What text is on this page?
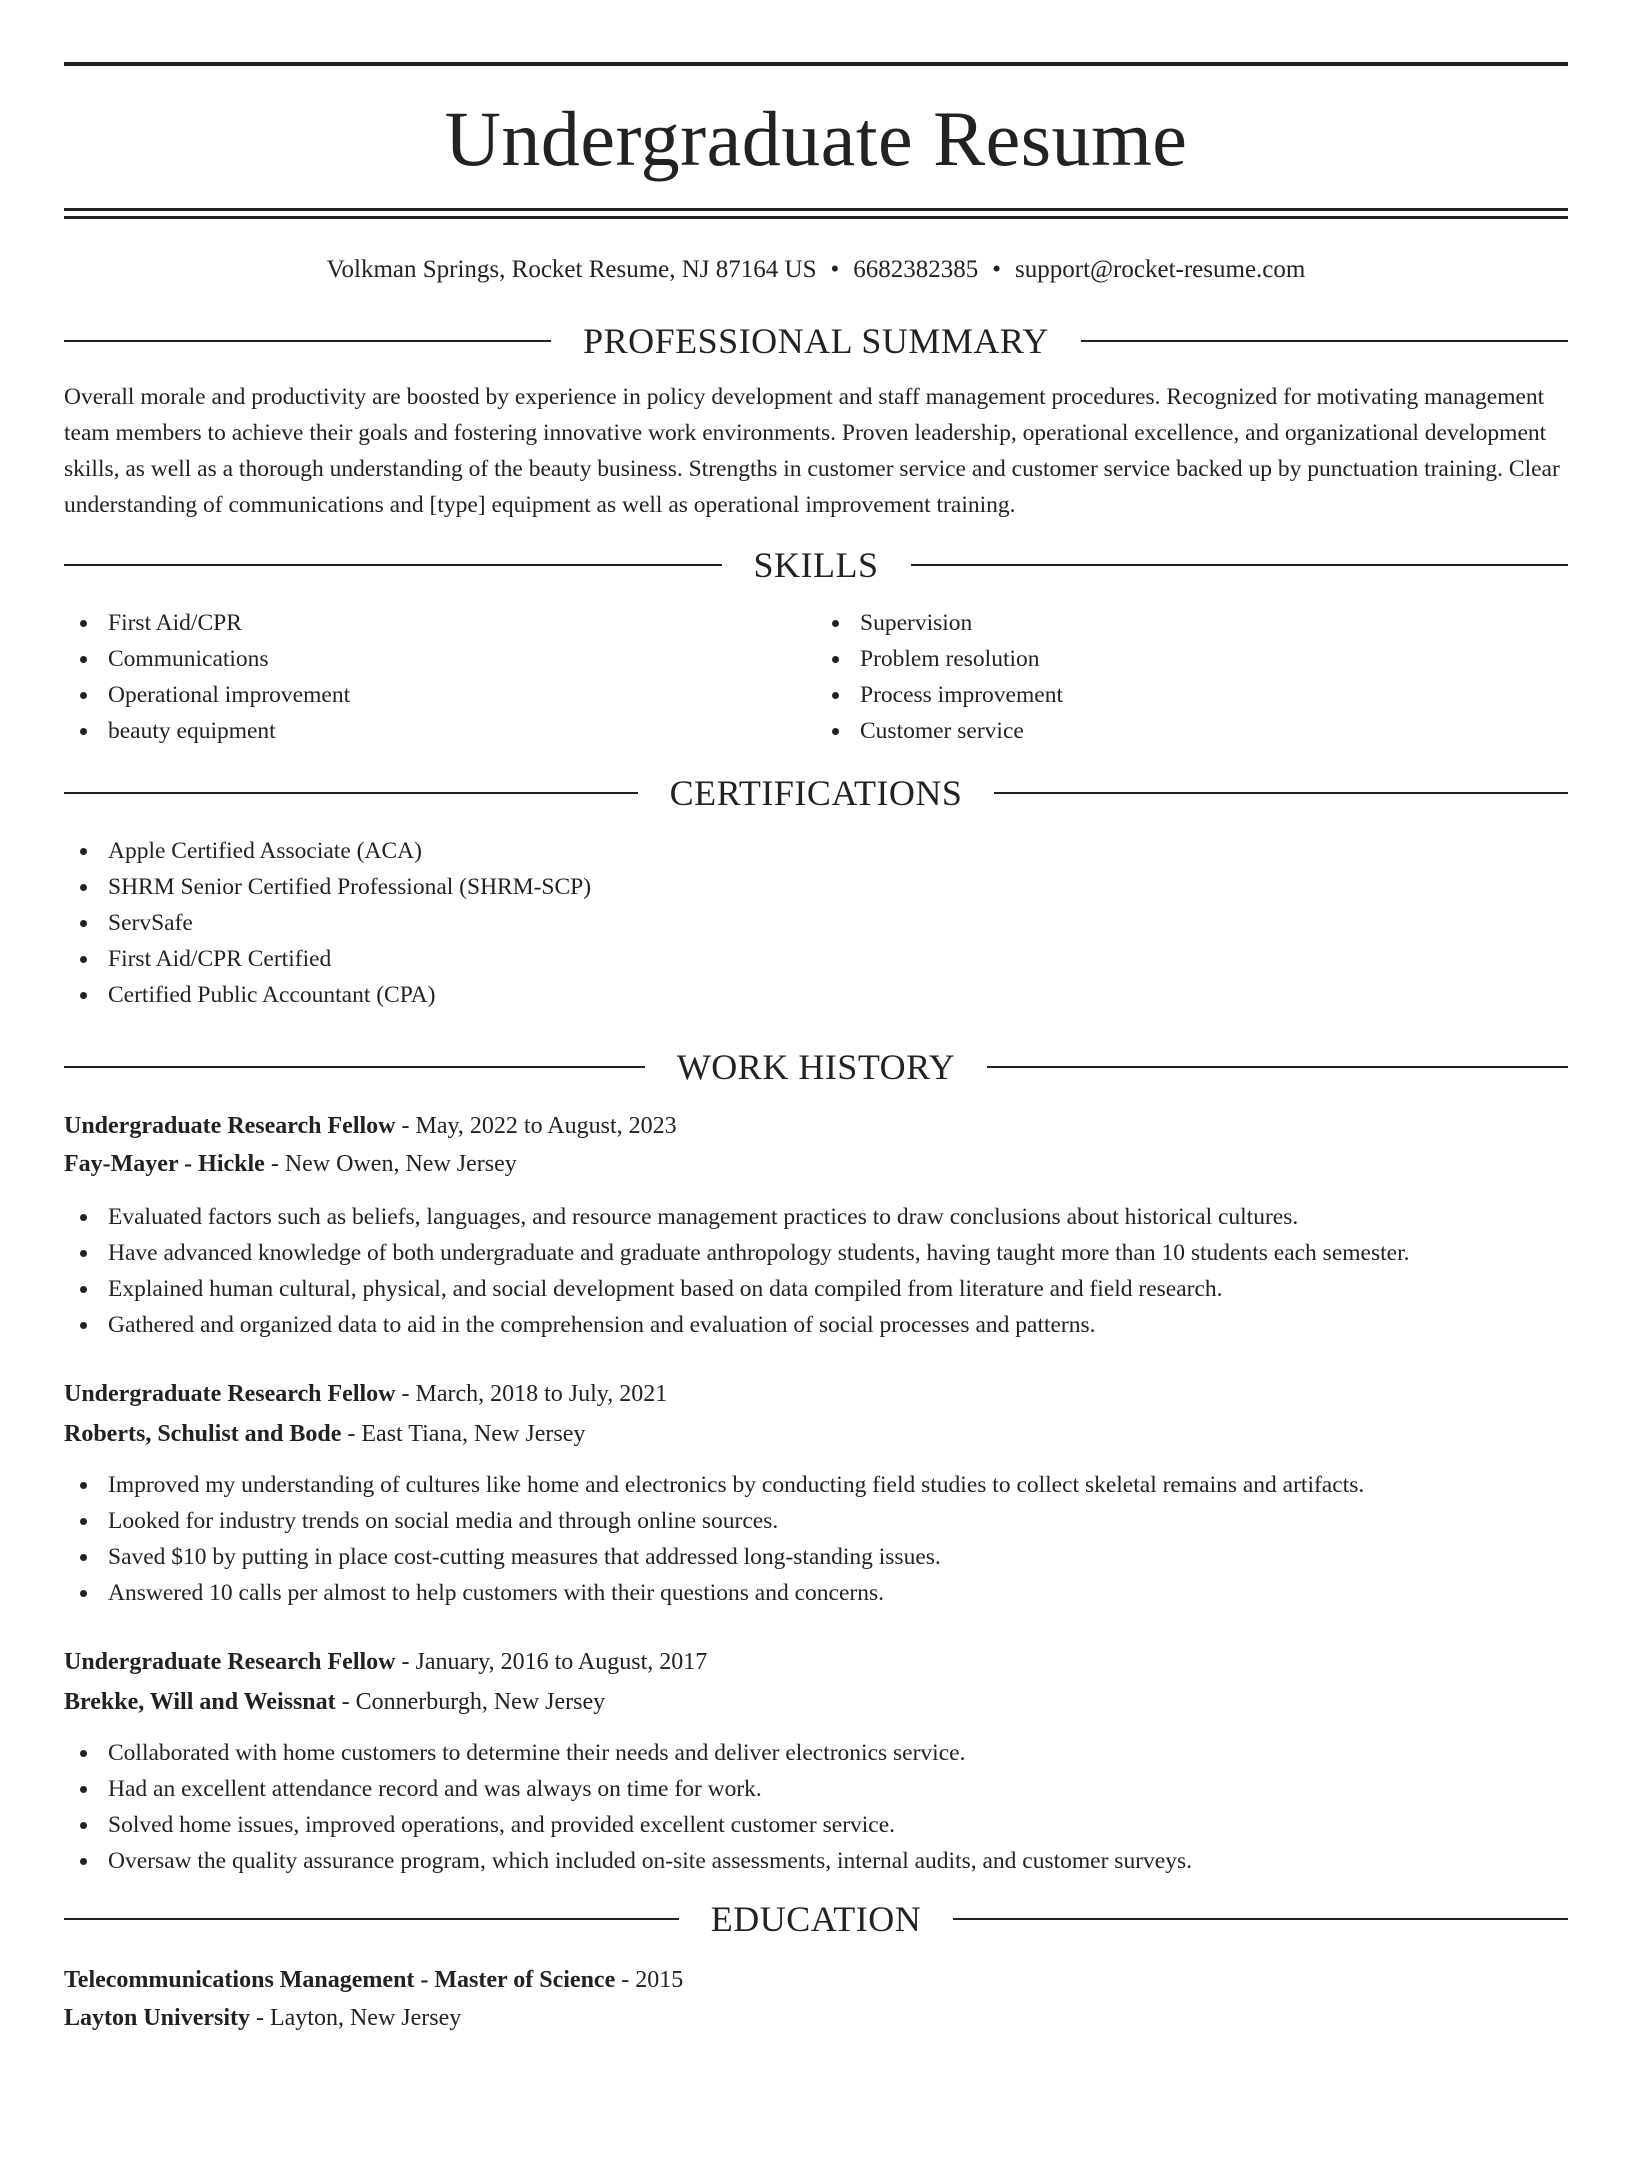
Undergraduate Resume
Volkman Springs, Rocket Resume, NJ 87164 US • 6682382385 • support@rocket-resume.com
PROFESSIONAL SUMMARY

Overall morale and productivity are boosted by experience in policy development and staff management procedures. Recognized for motivating management team members to achieve their goals and fostering innovative work environments. Proven leadership, operational excellence, and organizational development skills, as well as a thorough understanding of the beauty business. Strengths in customer service and customer service backed up by punctuation training. Clear understanding of communications and [type] equipment as well as operational improvement training.

SKILLS
First Aid/CPR
Communications
Operational improvement
beauty equipment
Supervision
Problem resolution
Process improvement
Customer service
CERTIFICATIONS
Apple Certified Associate (ACA)
SHRM Senior Certified Professional (SHRM-SCP)
ServSafe
First Aid/CPR Certified
Certified Public Accountant (CPA)
WORK HISTORY
Undergraduate Research Fellow - May, 2022 to August, 2023
Fay-Mayer - Hickle - New Owen, New Jersey
Evaluated factors such as beliefs, languages, and resource management practices to draw conclusions about historical cultures.
Have advanced knowledge of both undergraduate and graduate anthropology students, having taught more than 10 students each semester.
Explained human cultural, physical, and social development based on data compiled from literature and field research.
Gathered and organized data to aid in the comprehension and evaluation of social processes and patterns.
Undergraduate Research Fellow - March, 2018 to July, 2021
Roberts, Schulist and Bode - East Tiana, New Jersey
Improved my understanding of cultures like home and electronics by conducting field studies to collect skeletal remains and artifacts.
Looked for industry trends on social media and through online sources.
Saved $10 by putting in place cost-cutting measures that addressed long-standing issues.
Answered 10 calls per almost to help customers with their questions and concerns.
Undergraduate Research Fellow - January, 2016 to August, 2017
Brekke, Will and Weissnat - Connerburgh, New Jersey
Collaborated with home customers to determine their needs and deliver electronics service.
Had an excellent attendance record and was always on time for work.
Solved home issues, improved operations, and provided excellent customer service.
Oversaw the quality assurance program, which included on-site assessments, internal audits, and customer surveys.
EDUCATION
Telecommunications Management - Master of Science - 2015
Layton University - Layton, New Jersey
